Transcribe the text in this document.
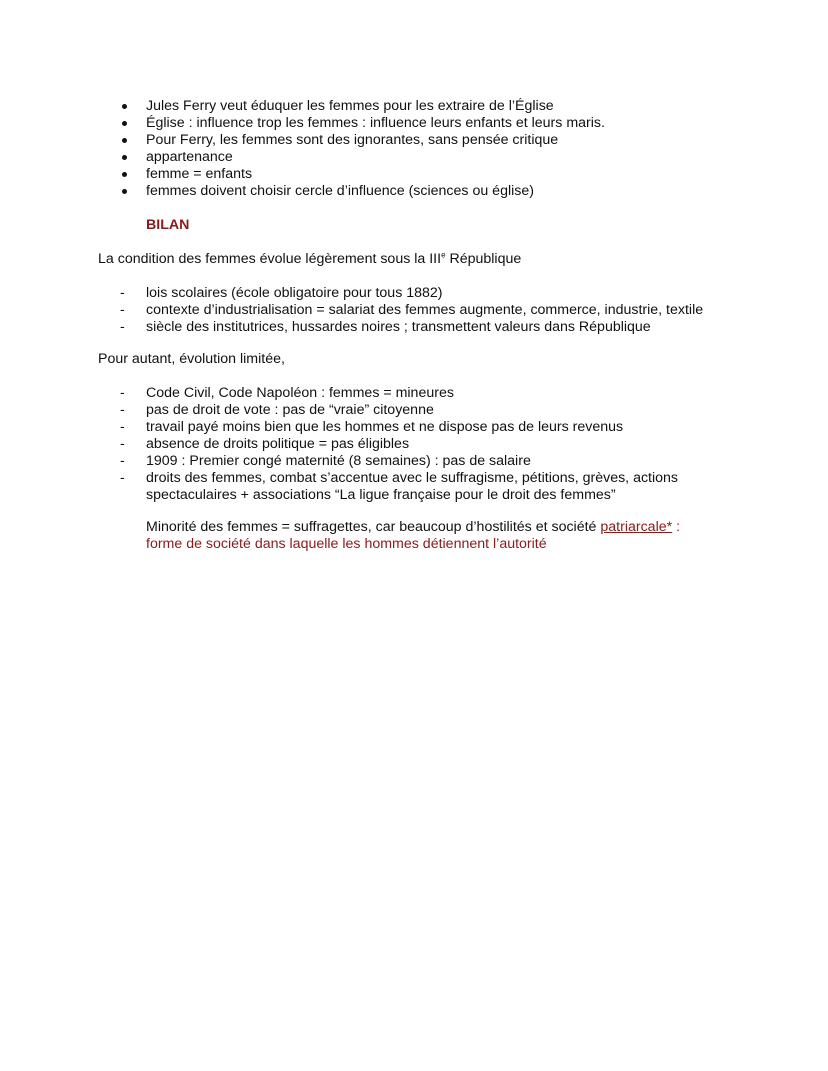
Jules Ferry veut éduquer les femmes pour les extraire de l’Église
Église : influence trop les femmes : influence leurs enfants et leurs maris.
Pour Ferry, les femmes sont des ignorantes, sans pensée critique
appartenance
femme = enfants
femmes doivent choisir cercle d’influence (sciences ou église)
BILAN
La condition des femmes évolue légèrement sous la IIIe République
- lois scolaires (école obligatoire pour tous 1882)
- contexte d’industrialisation = salariat des femmes augmente, commerce, industrie, textile
- siècle des institutrices, hussardes noires ; transmettent valeurs dans République
Pour autant, évolution limitée,
- Code Civil, Code Napoléon : femmes = mineures
- pas de droit de vote : pas de “vraie” citoyenne
- travail payé moins bien que les hommes et ne dispose pas de leurs revenus
- absence de droits politique = pas éligibles
- 1909 : Premier congé maternité (8 semaines) : pas de salaire
- droits des femmes, combat s’accentue avec le suffragisme, pétitions, grèves, actions spectaculaires + associations “La ligue française pour le droit des femmes”
Minorité des femmes = suffragettes, car beaucoup d’hostilités et société patriarcale* :
forme de société dans laquelle les hommes détiennent l’autorité
